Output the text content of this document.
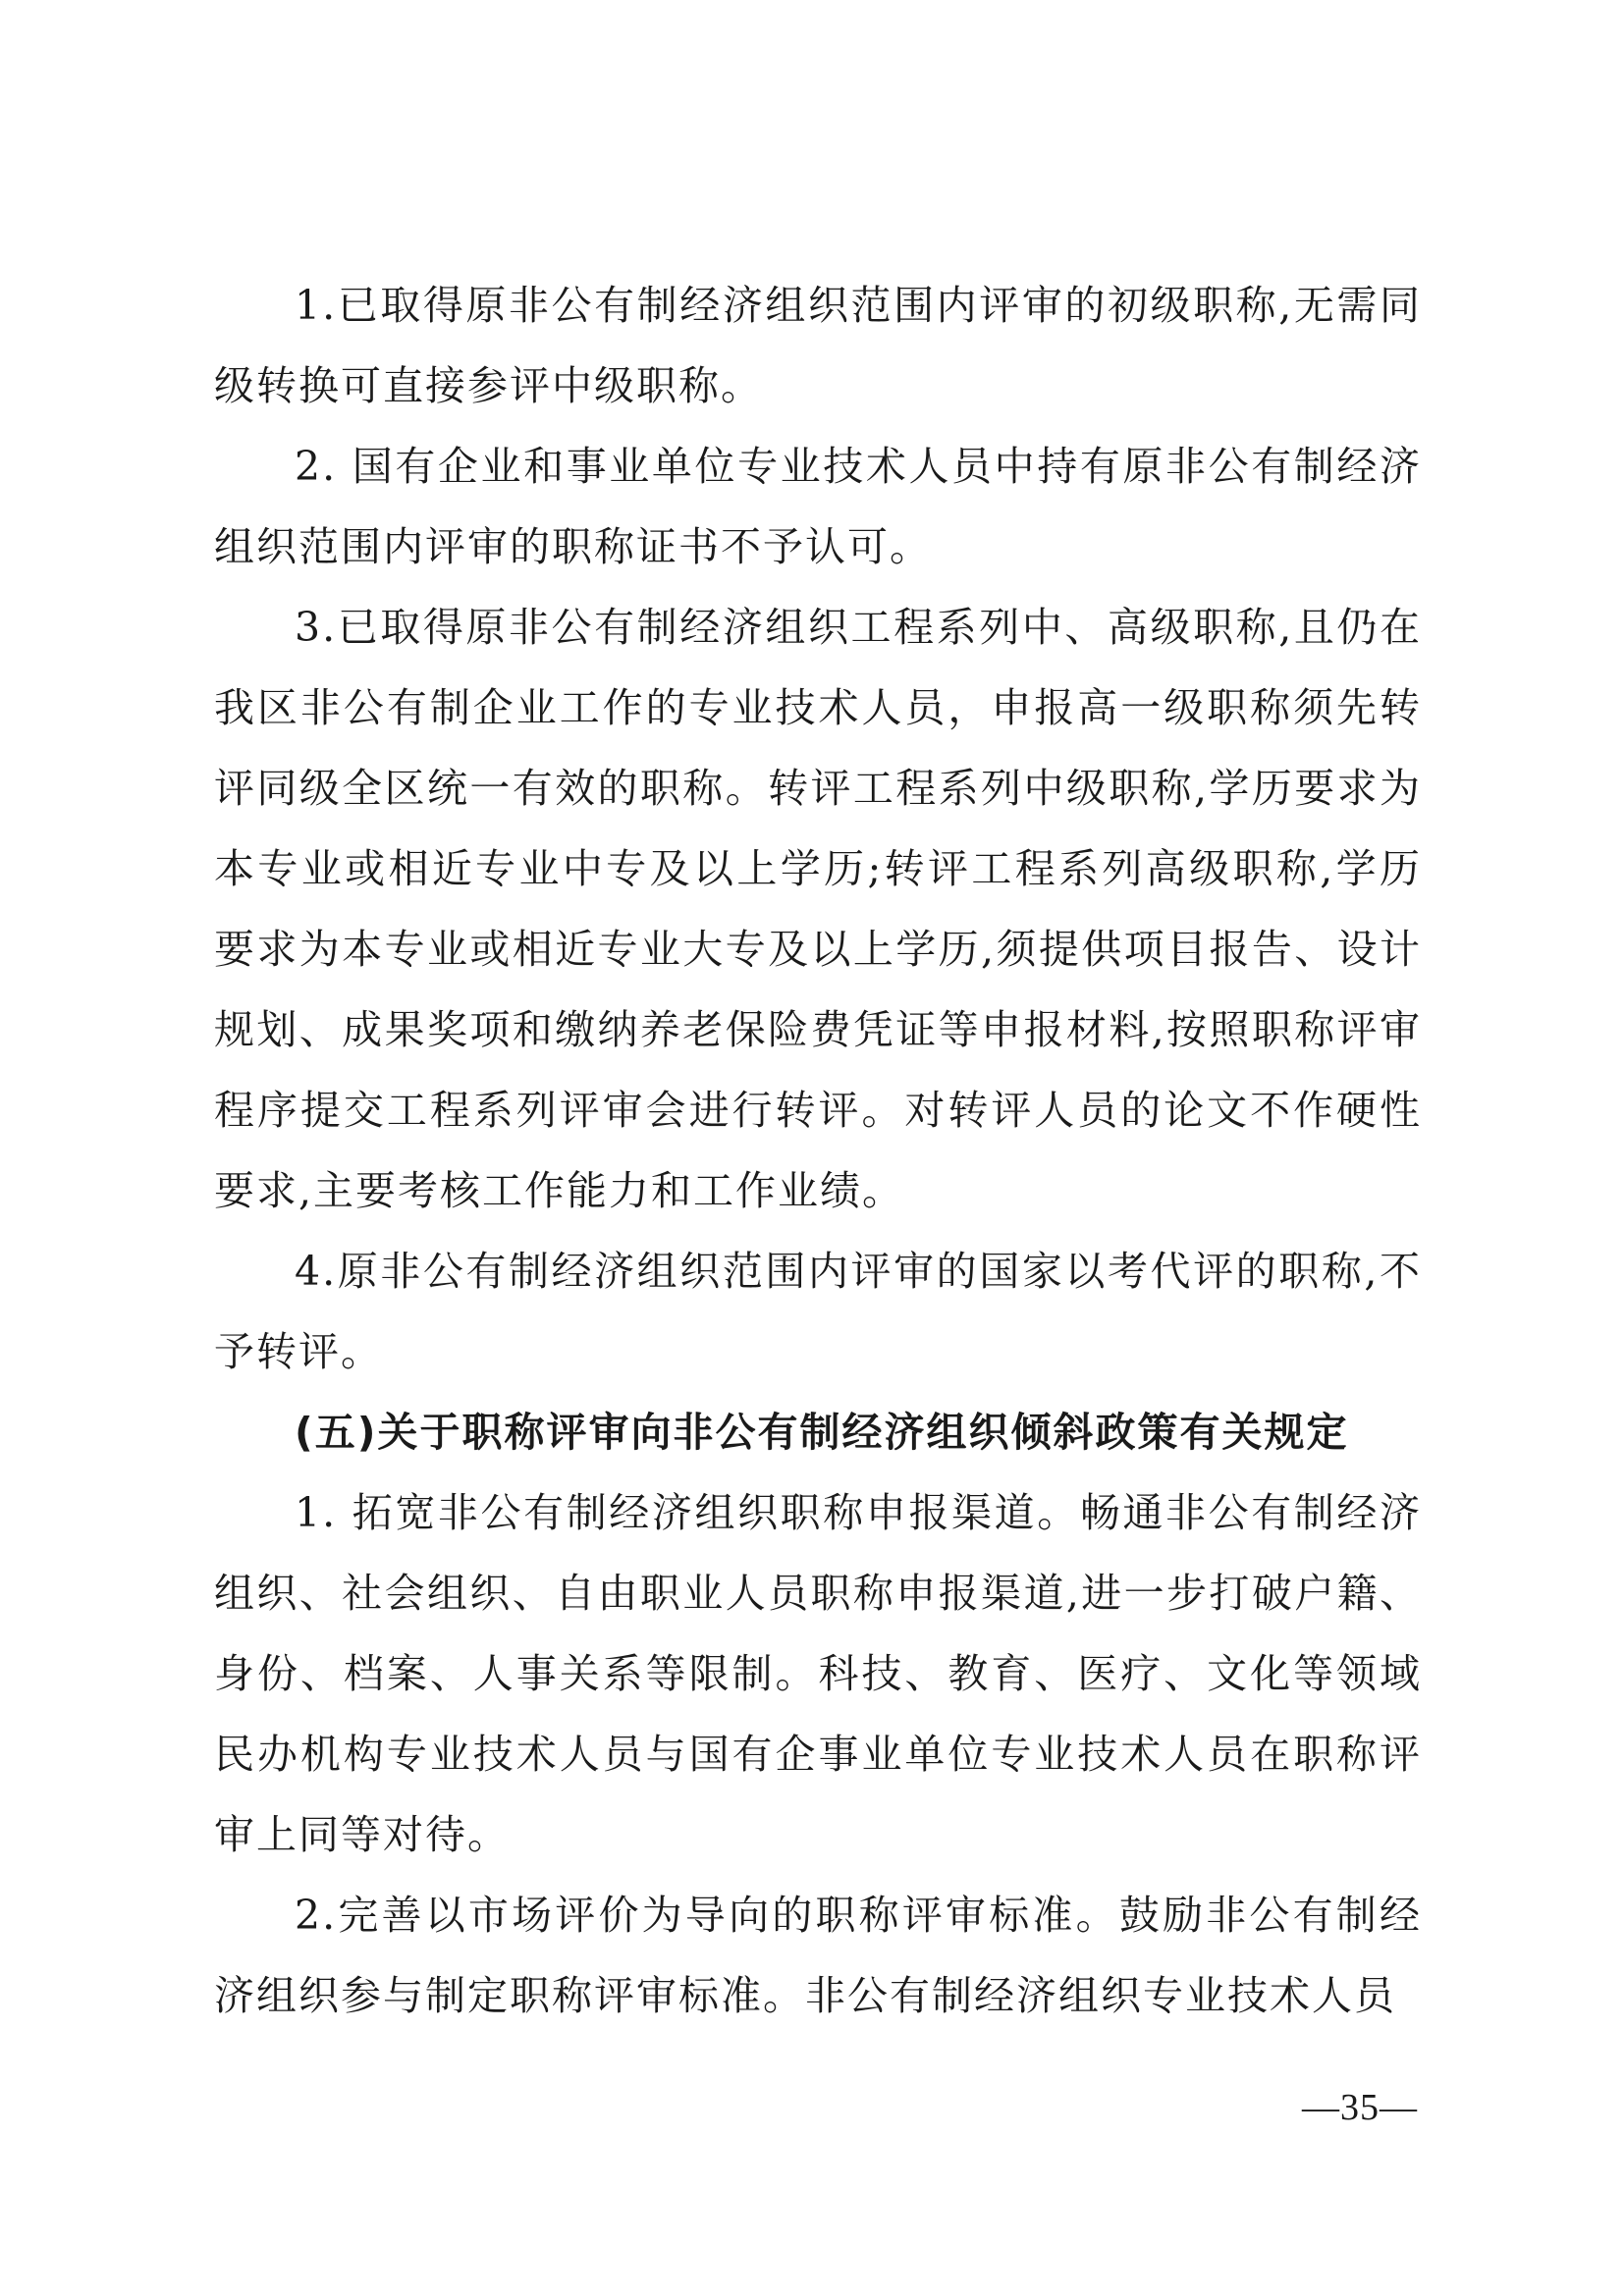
1.已取得原非公有制经济组织范围内评审的初级职称,无需同级转换可直接参评中级职称。

2. 国有企业和事业单位专业技术人员中持有原非公有制经济组织范围内评审的职称证书不予认可。

3.已取得原非公有制经济组织工程系列中、高级职称,且仍在我区非公有制企业工作的专业技术人员，申报高一级职称须先转评同级全区统一有效的职称。转评工程系列中级职称,学历要求为本专业或相近专业中专及以上学历;转评工程系列高级职称,学历要求为本专业或相近专业大专及以上学历,须提供项目报告、设计规划、成果奖项和缴纳养老保险费凭证等申报材料,按照职称评审程序提交工程系列评审会进行转评。对转评人员的论文不作硬性要求,主要考核工作能力和工作业绩。

4.原非公有制经济组织范围内评审的国家以考代评的职称,不予转评。

(五)关于职称评审向非公有制经济组织倾斜政策有关规定

1. 拓宽非公有制经济组织职称申报渠道。畅通非公有制经济组织、社会组织、自由职业人员职称申报渠道,进一步打破户籍、身份、档案、人事关系等限制。科技、教育、医疗、文化等领域民办机构专业技术人员与国有企事业单位专业技术人员在职称评审上同等对待。

2.完善以市场评价为导向的职称评审标准。鼓励非公有制经济组织参与制定职称评审标准。非公有制经济组织专业技术人员

—35—
